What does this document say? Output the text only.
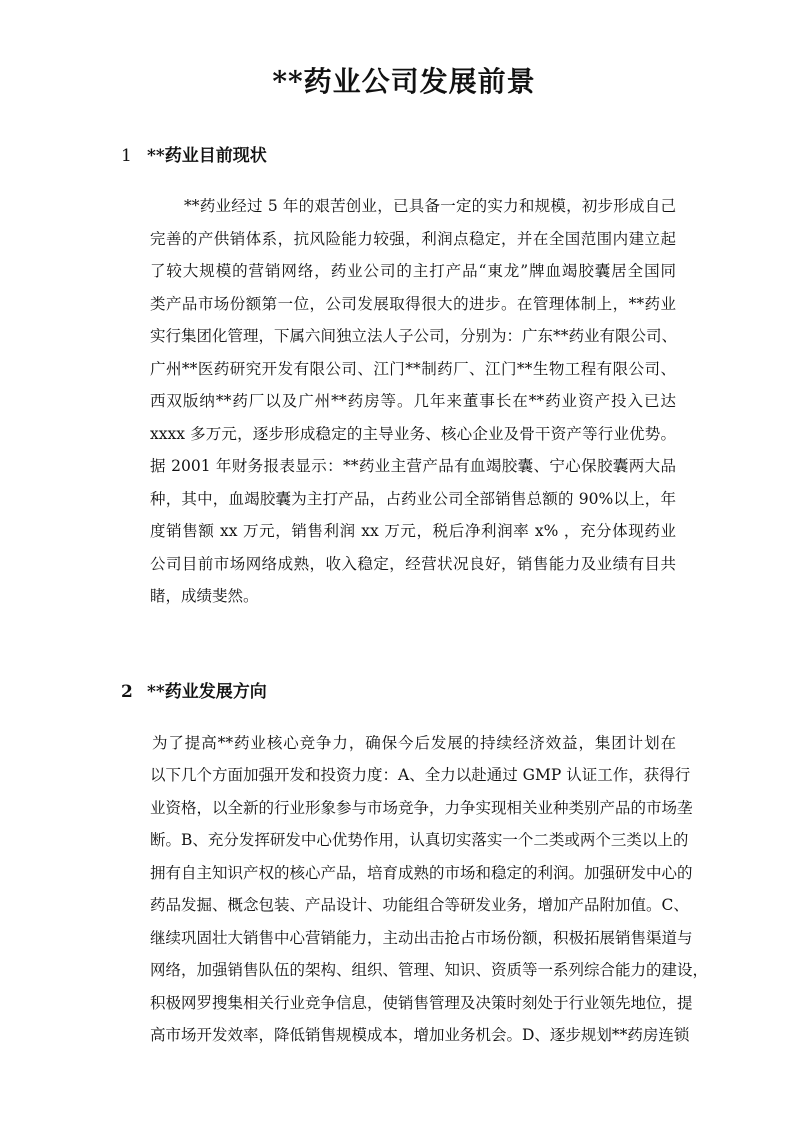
**药业公司发展前景
1 **药业目前现状
**药业经过 5 年的艰苦创业，已具备一定的实力和规模，初步形成自己
完善的产供销体系，抗风险能力较强，利润点稳定，并在全国范围内建立起
了较大规模的营销网络，药业公司的主打产品“東龙”牌血竭胶囊居全国同
类产品市场份额第一位，公司发展取得很大的进步。在管理体制上，**药业
实行集团化管理，下属六间独立法人子公司，分别为：广东**药业有限公司、
广州**医药研究开发有限公司、江门**制药厂、江门**生物工程有限公司、
西双版纳**药厂以及广州**药房等。几年来董事长在**药业资产投入已达
xxxx 多万元，逐步形成稳定的主导业务、核心企业及骨干资产等行业优势。
据 2001 年财务报表显示：**药业主营产品有血竭胶囊、宁心保胶囊两大品
种，其中，血竭胶囊为主打产品，占药业公司全部销售总额的 90%以上，年
度销售额 xx 万元，销售利润 xx 万元，税后净利润率 x% ，充分体现药业
公司目前市场网络成熟，收入稳定，经营状况良好，销售能力及业绩有目共
睹，成绩斐然。
2 **药业发展方向
为了提高**药业核心竞争力，确保今后发展的持续经济效益，集团计划在
以下几个方面加强开发和投资力度：A、全力以赴通过 GMP 认证工作，获得行
业资格，以全新的行业形象参与市场竞争，力争实现相关业种类别产品的市场垄
断。B、充分发挥研发中心优势作用，认真切实落实一个二类或两个三类以上的
拥有自主知识产权的核心产品，培育成熟的市场和稳定的利润。加强研发中心的
药品发掘、概念包装、产品设计、功能组合等研发业务，增加产品附加值。C、
继续巩固壮大销售中心营销能力，主动出击抢占市场份额，积极拓展销售渠道与
网络，加强销售队伍的架构、组织、管理、知识、资质等一系列综合能力的建设，
积极网罗搜集相关行业竞争信息，使销售管理及决策时刻处于行业领先地位，提
高市场开发效率，降低销售规模成本，增加业务机会。D、逐步规划**药房连锁
